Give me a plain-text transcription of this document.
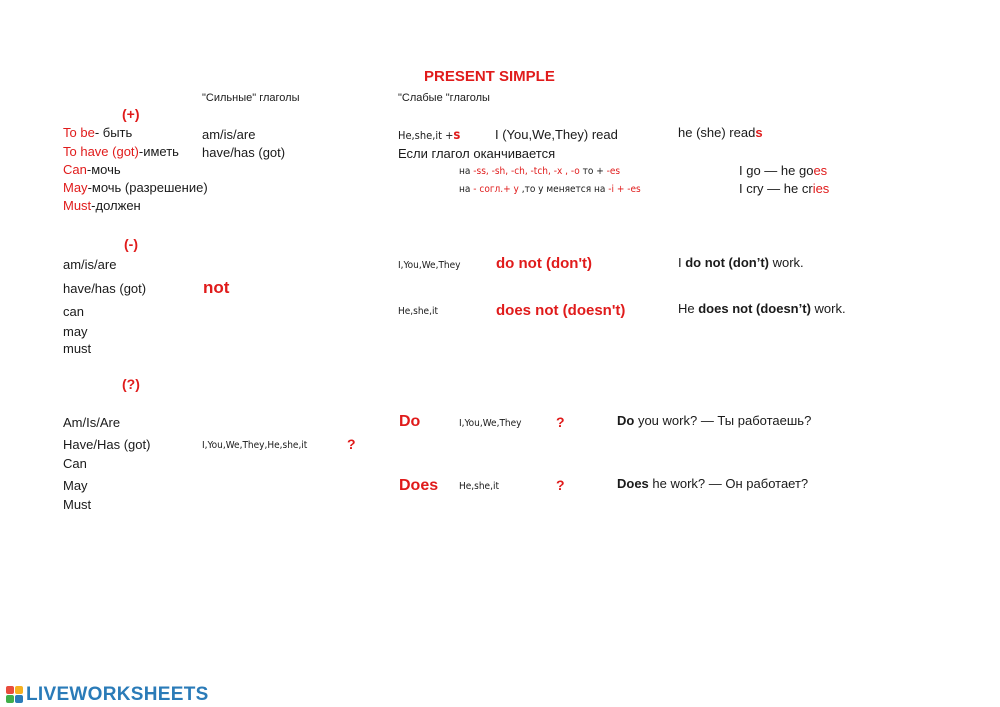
PRESENT SIMPLE
"Сильные" глаголы	"Слабые "глаголы
(+)
To be- быть
To have (got)-иметь
Can-мочь
May-мочь (разрешение)
Must-должен
am/is/are
have/has (got)
He,she,it +s	I (You,We,They) read	he (she) reads
Если глагол оканчивается
на -ss, -sh, -ch, -tch, -x , -o то + -es
на - согл.+ y ,то y меняется на -i + -es
I go — he goes
I cry — he cries
(-)
am/is/are
have/has (got)
can
may
must
not
I,You,We,They do not (don't)	I do not (don’t) work.
He,she,it	does not (doesn't)	He does not (doesn’t) work.
(?)
Am/Is/Are
Have/Has (got)
Can
May
Must
I,You,We,They,He,she,it	?
Do	I,You,We,They ?	Do you work? — Ты работаешь?
Does He,she,it	?	Does he work? — Он работает?
LIVEWORKSHEETS
